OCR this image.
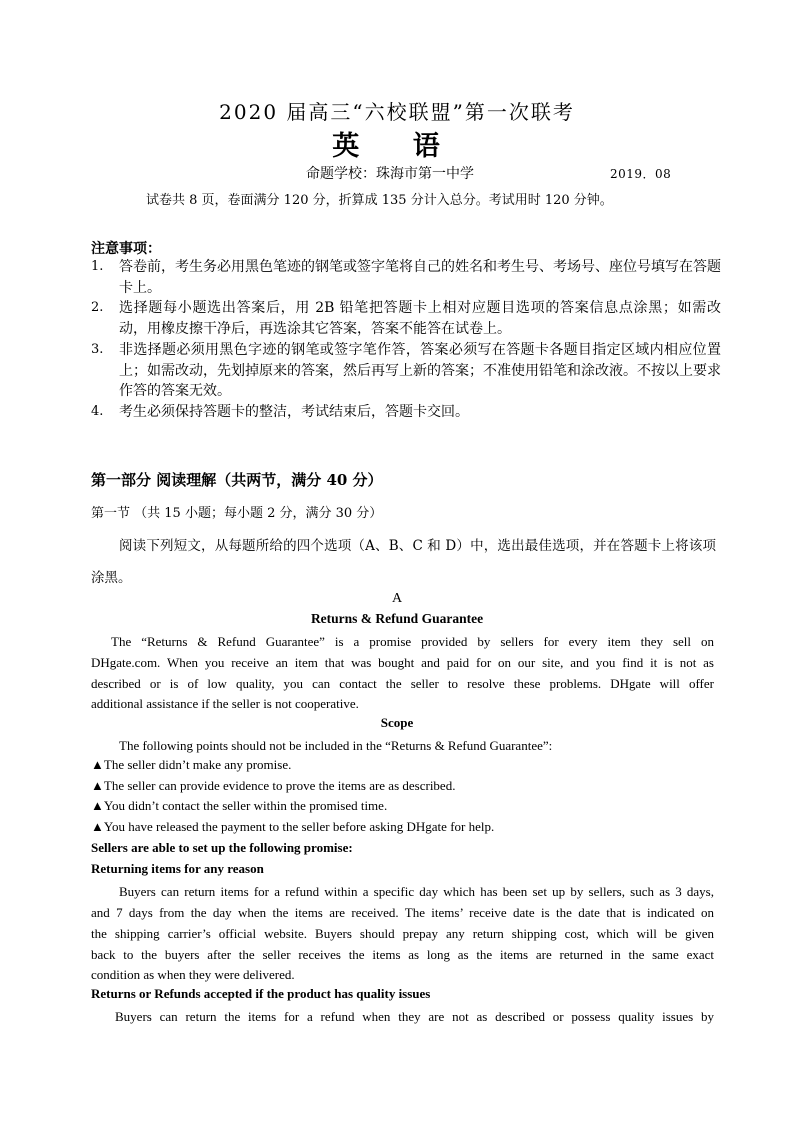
2020 届高三“六校联盟”第一次联考
英 语
命题学校：珠海市第一中学	2019．08
试卷共 8 页，卷面满分 120 分，折算成 135 分计入总分。考试用时 120 分钟。
注意事项：
1. 答卷前，考生务必用黑色笔迹的钢笔或签字笔将自己的姓名和考生号、考场号、座位号填写在答题卡上。
2. 选择题每小题选出答案后，用 2B 铅笔把答题卡上相对应题目选项的答案信息点涂黑；如需改动，用橡皮擦干净后，再选涂其它答案，答案不能答在试卷上。
3. 非选择题必须用黑色字迹的钢笔或签字笔作答，答案必须写在答题卡各题目指定区域内相应位置上；如需改动，先划掉原来的答案，然后再写上新的答案；不准使用铅笔和涂改液。不按以上要求作答的答案无效。
4. 考生必须保持答题卡的整洁，考试结束后，答题卡交回。
第一部分 阅读理解（共两节，满分 40 分）
第一节 （共 15 小题；每小题 2 分，满分 30 分）
阅读下列短文，从每题所给的四个选项（A、B、C 和 D）中，选出最佳选项，并在答题卡上将该项涂黑。
A
Returns & Refund Guarantee
The “Returns & Refund Guarantee” is a promise provided by sellers for every item they sell on
DHgate.com. When you receive an item that was bought and paid for on our site, and you find it is not as
described or is of low quality, you can contact the seller to resolve these problems. DHgate will offer
additional assistance if the seller is not cooperative.
Scope
The following points should not be included in the “Returns & Refund Guarantee”:
▲The seller didn’t make any promise.
▲The seller can provide evidence to prove the items are as described.
▲You didn’t contact the seller within the promised time.
▲You have released the payment to the seller before asking DHgate for help.
Sellers are able to set up the following promise:
Returning items for any reason
Buyers can return items for a refund within a specific day which has been set up by sellers, such as 3 days,
and 7 days from the day when the items are received. The items’ receive date is the date that is indicated on
the shipping carrier’s official website. Buyers should prepay any return shipping cost, which will be given
back to the buyers after the seller receives the items as long as the items are returned in the same exact
condition as when they were delivered.
Returns or Refunds accepted if the product has quality issues
Buyers can return the items for a refund when they are not as described or possess quality issues by
